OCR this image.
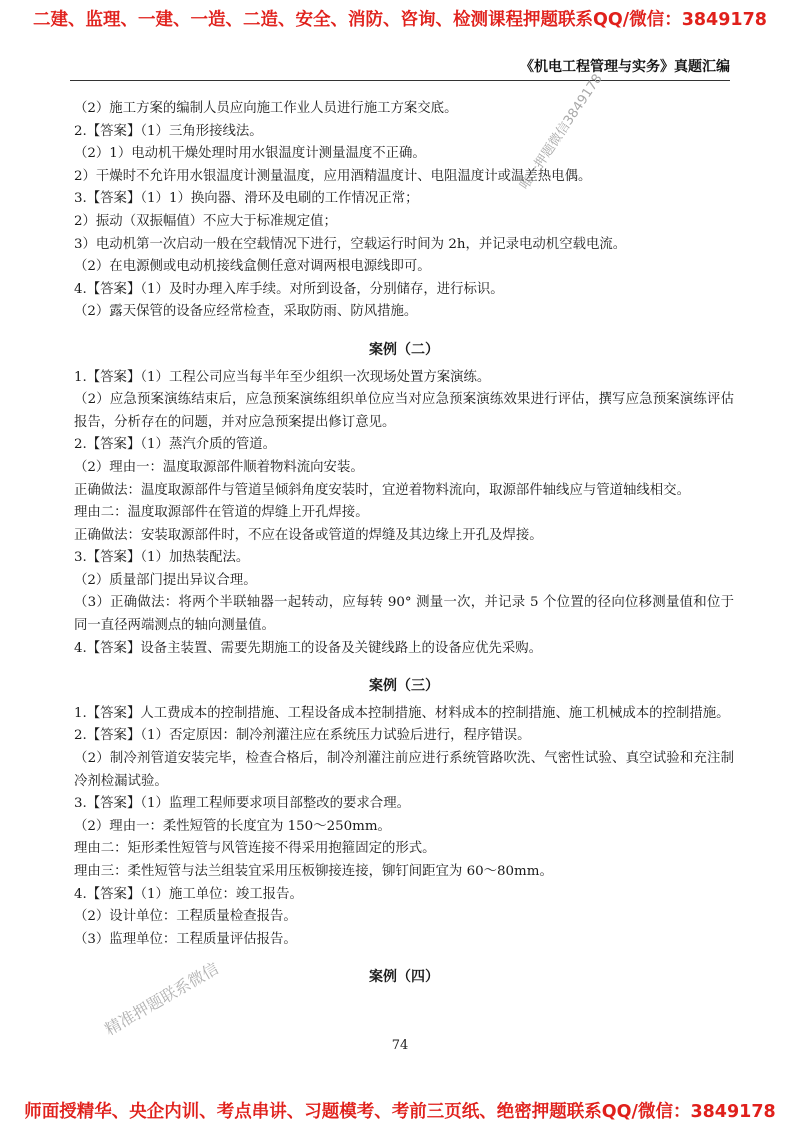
二建、监理、一建、一造、二造、安全、消防、咨询、检测课程押题联系QQ/微信：3849178
《机电工程管理与实务》真题汇编
唯一押题微信3849178
精准押题联系微信
（2）施工方案的编制人员应向施工作业人员进行施工方案交底。
2.【答案】（1）三角形接线法。
（2）1）电动机干燥处理时用水银温度计测量温度不正确。
2）干燥时不允许用水银温度计测量温度，应用酒精温度计、电阻温度计或温差热电偶。
3.【答案】（1）1）换向器、滑环及电刷的工作情况正常；
2）振动（双振幅值）不应大于标准规定值；
3）电动机第一次启动一般在空载情况下进行，空载运行时间为 2h，并记录电动机空载电流。
（2）在电源侧或电动机接线盒侧任意对调两根电源线即可。
4.【答案】（1）及时办理入库手续。对所到设备，分别储存，进行标识。
（2）露天保管的设备应经常检查，采取防雨、防风措施。
案例（二）
1.【答案】（1）工程公司应当每半年至少组织一次现场处置方案演练。
（2）应急预案演练结束后，应急预案演练组织单位应当对应急预案演练效果进行评估，撰写应急预案演练评估报告，分析存在的问题，并对应急预案提出修订意见。
2.【答案】（1）蒸汽介质的管道。
（2）理由一：温度取源部件顺着物料流向安装。
正确做法：温度取源部件与管道呈倾斜角度安装时，宜逆着物料流向，取源部件轴线应与管道轴线相交。
理由二：温度取源部件在管道的焊缝上开孔焊接。
正确做法：安装取源部件时，不应在设备或管道的焊缝及其边缘上开孔及焊接。
3.【答案】（1）加热装配法。
（2）质量部门提出异议合理。
（3）正确做法：将两个半联轴器一起转动，应每转 90° 测量一次，并记录 5 个位置的径向位移测量值和位于同一直径两端测点的轴向测量值。
4.【答案】设备主装置、需要先期施工的设备及关键线路上的设备应优先采购。
案例（三）
1.【答案】人工费成本的控制措施、工程设备成本控制措施、材料成本的控制措施、施工机械成本的控制措施。
2.【答案】（1）否定原因：制冷剂灌注应在系统压力试验后进行，程序错误。
（2）制冷剂管道安装完毕，检查合格后，制冷剂灌注前应进行系统管路吹洗、气密性试验、真空试验和充注制冷剂检漏试验。
3.【答案】（1）监理工程师要求项目部整改的要求合理。
（2）理由一：柔性短管的长度宜为 150～250mm。
理由二：矩形柔性短管与风管连接不得采用抱箍固定的形式。
理由三：柔性短管与法兰组装宜采用压板铆接连接，铆钉间距宜为 60～80mm。
4.【答案】（1）施工单位：竣工报告。
（2）设计单位：工程质量检查报告。
（3）监理单位：工程质量评估报告。
案例（四）
74
师面授精华、央企内训、考点串讲、习题模考、考前三页纸、绝密押题联系QQ/微信：3849178
